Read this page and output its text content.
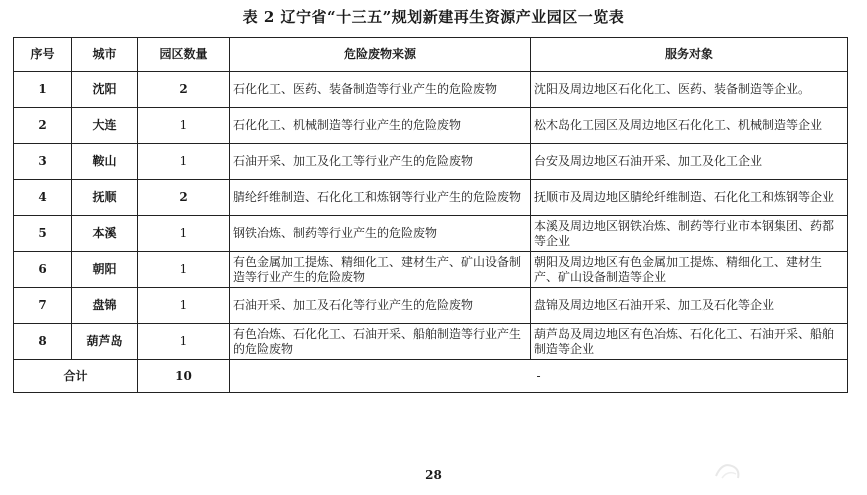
表 2 辽宁省“十三五”规划新建再生资源产业园区一览表
序号	城市	园区数量	危险废物来源	服务对象
1	沈阳	2	石化化工、医药、装备制造等行业产生的危险废物	沈阳及周边地区石化化工、医药、装备制造等企业。
2	大连	1	石化化工、机械制造等行业产生的危险废物	松木岛化工园区及周边地区石化化工、机械制造等企业
3	鞍山	1	石油开采、加工及化工等行业产生的危险废物	台安及周边地区石油开采、加工及化工企业
4	抚顺	2	腈纶纤维制造、石化化工和炼钢等行业产生的危险废物	抚顺市及周边地区腈纶纤维制造、石化化工和炼钢等企业
5	本溪	1	钢铁冶炼、制药等行业产生的危险废物	本溪及周边地区钢铁冶炼、制药等行业市本钢集团、药都等企业
6	朝阳	1	有色金属加工提炼、精细化工、建材生产、矿山设备制造等行业产生的危险废物	朝阳及周边地区有色金属加工提炼、精细化工、建材生产、矿山设备制造等企业
7	盘锦	1	石油开采、加工及石化等行业产生的危险废物	盘锦及周边地区石油开采、加工及石化等企业
8	葫芦岛	1	有色冶炼、石化化工、石油开采、船舶制造等行业产生的危险废物	葫芦岛及周边地区有色冶炼、石化化工、石油开采、船舶制造等企业
合计		10	-	
28
